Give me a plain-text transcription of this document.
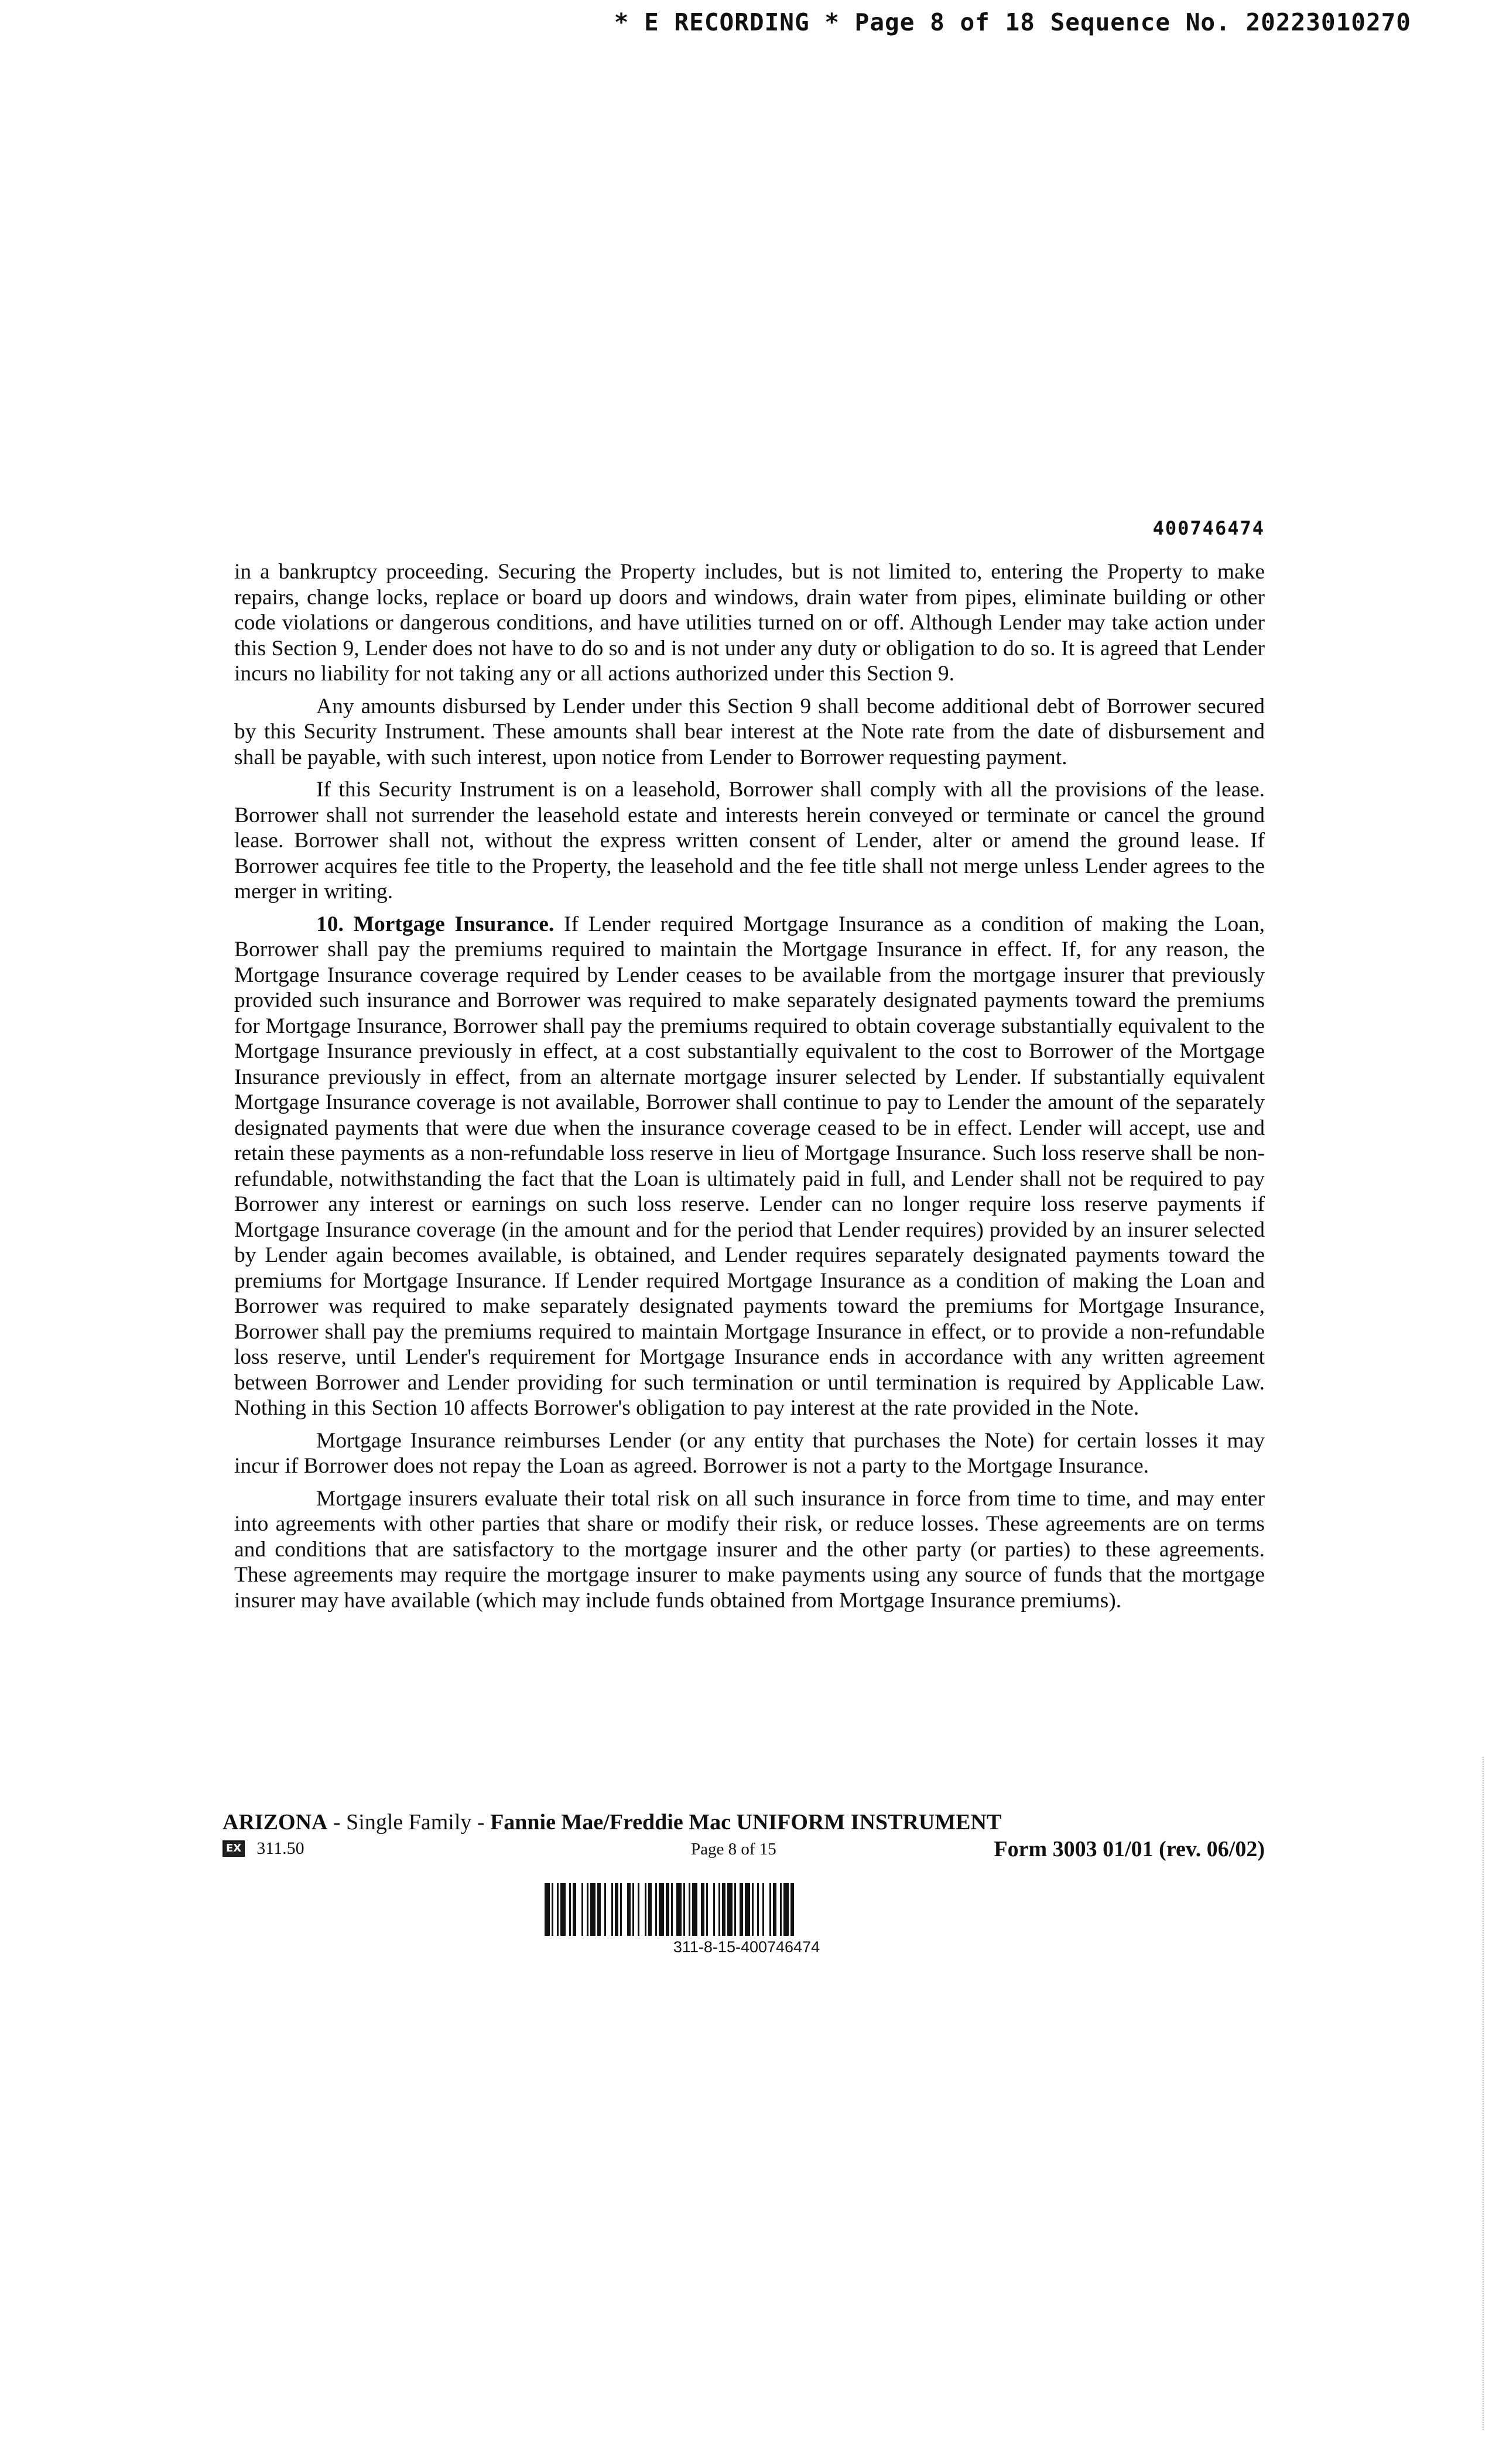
* E RECORDING * Page 8 of 18 Sequence No. 20223010270
400746474

in a bankruptcy proceeding. Securing the Property includes, but is not limited to, entering the Property to make repairs, change locks, replace or board up doors and windows, drain water from pipes, eliminate building or other code violations or dangerous conditions, and have utilities turned on or off. Although Lender may take action under this Section 9, Lender does not have to do so and is not under any duty or obligation to do so. It is agreed that Lender incurs no liability for not taking any or all actions authorized under this Section 9.

Any amounts disbursed by Lender under this Section 9 shall become additional debt of Borrower secured by this Security Instrument. These amounts shall bear interest at the Note rate from the date of disbursement and shall be payable, with such interest, upon notice from Lender to Borrower requesting payment.

If this Security Instrument is on a leasehold, Borrower shall comply with all the provisions of the lease. Borrower shall not surrender the leasehold estate and interests herein conveyed or terminate or cancel the ground lease. Borrower shall not, without the express written consent of Lender, alter or amend the ground lease. If Borrower acquires fee title to the Property, the leasehold and the fee title shall not merge unless Lender agrees to the merger in writing.

10. Mortgage Insurance. If Lender required Mortgage Insurance as a condition of making the Loan, Borrower shall pay the premiums required to maintain the Mortgage Insurance in effect. If, for any reason, the Mortgage Insurance coverage required by Lender ceases to be available from the mortgage insurer that previously provided such insurance and Borrower was required to make separately designated payments toward the premiums for Mortgage Insurance, Borrower shall pay the premiums required to obtain coverage substantially equivalent to the Mortgage Insurance previously in effect, at a cost substantially equivalent to the cost to Borrower of the Mortgage Insurance previously in effect, from an alternate mortgage insurer selected by Lender. If substantially equivalent Mortgage Insurance coverage is not available, Borrower shall continue to pay to Lender the amount of the separately designated payments that were due when the insurance coverage ceased to be in effect. Lender will accept, use and retain these payments as a non-refundable loss reserve in lieu of Mortgage Insurance. Such loss reserve shall be non-refundable, notwithstanding the fact that the Loan is ultimately paid in full, and Lender shall not be required to pay Borrower any interest or earnings on such loss reserve. Lender can no longer require loss reserve payments if Mortgage Insurance coverage (in the amount and for the period that Lender requires) provided by an insurer selected by Lender again becomes available, is obtained, and Lender requires separately designated payments toward the premiums for Mortgage Insurance. If Lender required Mortgage Insurance as a condition of making the Loan and Borrower was required to make separately designated payments toward the premiums for Mortgage Insurance, Borrower shall pay the premiums required to maintain Mortgage Insurance in effect, or to provide a non-refundable loss reserve, until Lender's requirement for Mortgage Insurance ends in accordance with any written agreement between Borrower and Lender providing for such termination or until termination is required by Applicable Law. Nothing in this Section 10 affects Borrower's obligation to pay interest at the rate provided in the Note.

Mortgage Insurance reimburses Lender (or any entity that purchases the Note) for certain losses it may incur if Borrower does not repay the Loan as agreed. Borrower is not a party to the Mortgage Insurance.

Mortgage insurers evaluate their total risk on all such insurance in force from time to time, and may enter into agreements with other parties that share or modify their risk, or reduce losses. These agreements are on terms and conditions that are satisfactory to the mortgage insurer and the other party (or parties) to these agreements. These agreements may require the mortgage insurer to make payments using any source of funds that the mortgage insurer may have available (which may include funds obtained from Mortgage Insurance premiums).

ARIZONA - Single Family - Fannie Mae/Freddie Mac UNIFORM INSTRUMENT
EX 311.50	Page 8 of 15	Form 3003 01/01 (rev. 06/02)
311-8-15-400746474
